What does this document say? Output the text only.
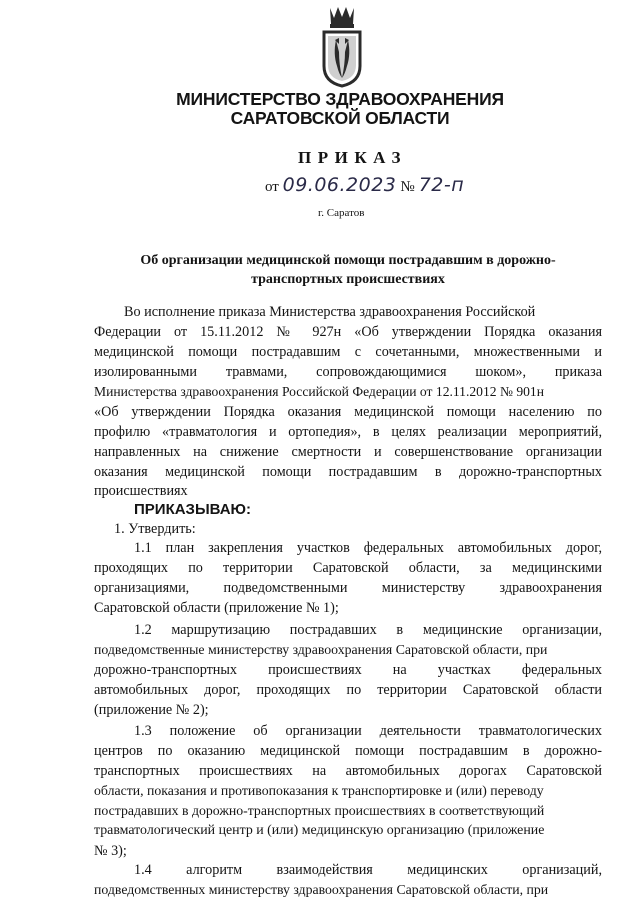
МИНИСТЕРСТВО ЗДРАВООХРАНЕНИЯ
САРАТОВСКОЙ ОБЛАСТИ
ПРИКАЗ
от 09.06.2023 № 72-п
г. Саратов
Об организации медицинской помощи пострадавшим в дорожно-
транспортных происшествиях
Во исполнение приказа Министерства здравоохранения Российской
Федерации от 15.11.2012 № 927н «Об утверждении Порядка оказания
медицинской помощи пострадавшим с сочетанными, множественными и
изолированными травмами, сопровождающимися шоком», приказа
Министерства здравоохранения Российской Федерации от 12.11.2012 № 901н
«Об утверждении Порядка оказания медицинской помощи населению по
профилю «травматология и ортопедия», в целях реализации мероприятий,
направленных на снижение смертности и совершенствование организации
оказания медицинской помощи пострадавшим в дорожно-транспортных
происшествиях
ПРИКАЗЫВАЮ:
1. Утвердить:
1.1 план закрепления участков федеральных автомобильных дорог,
проходящих по территории Саратовской области, за медицинскими
организациями, подведомственными министерству здравоохранения
Саратовской области (приложение № 1);
1.2 маршрутизацию пострадавших в медицинские организации,
подведомственные министерству здравоохранения Саратовской области, при
дорожно-транспортных происшествиях на участках федеральных
автомобильных дорог, проходящих по территории Саратовской области
(приложение № 2);
1.3 положение об организации деятельности травматологических
центров по оказанию медицинской помощи пострадавшим в дорожно-
транспортных происшествиях на автомобильных дорогах Саратовской
области, показания и противопоказания к транспортировке и (или) переводу
пострадавших в дорожно-транспортных происшествиях в соответствующий
травматологический центр и (или) медицинскую организацию (приложение
№ 3);
1.4 алгоритм взаимодействия медицинских организаций,
подведомственных министерству здравоохранения Саратовской области, при
